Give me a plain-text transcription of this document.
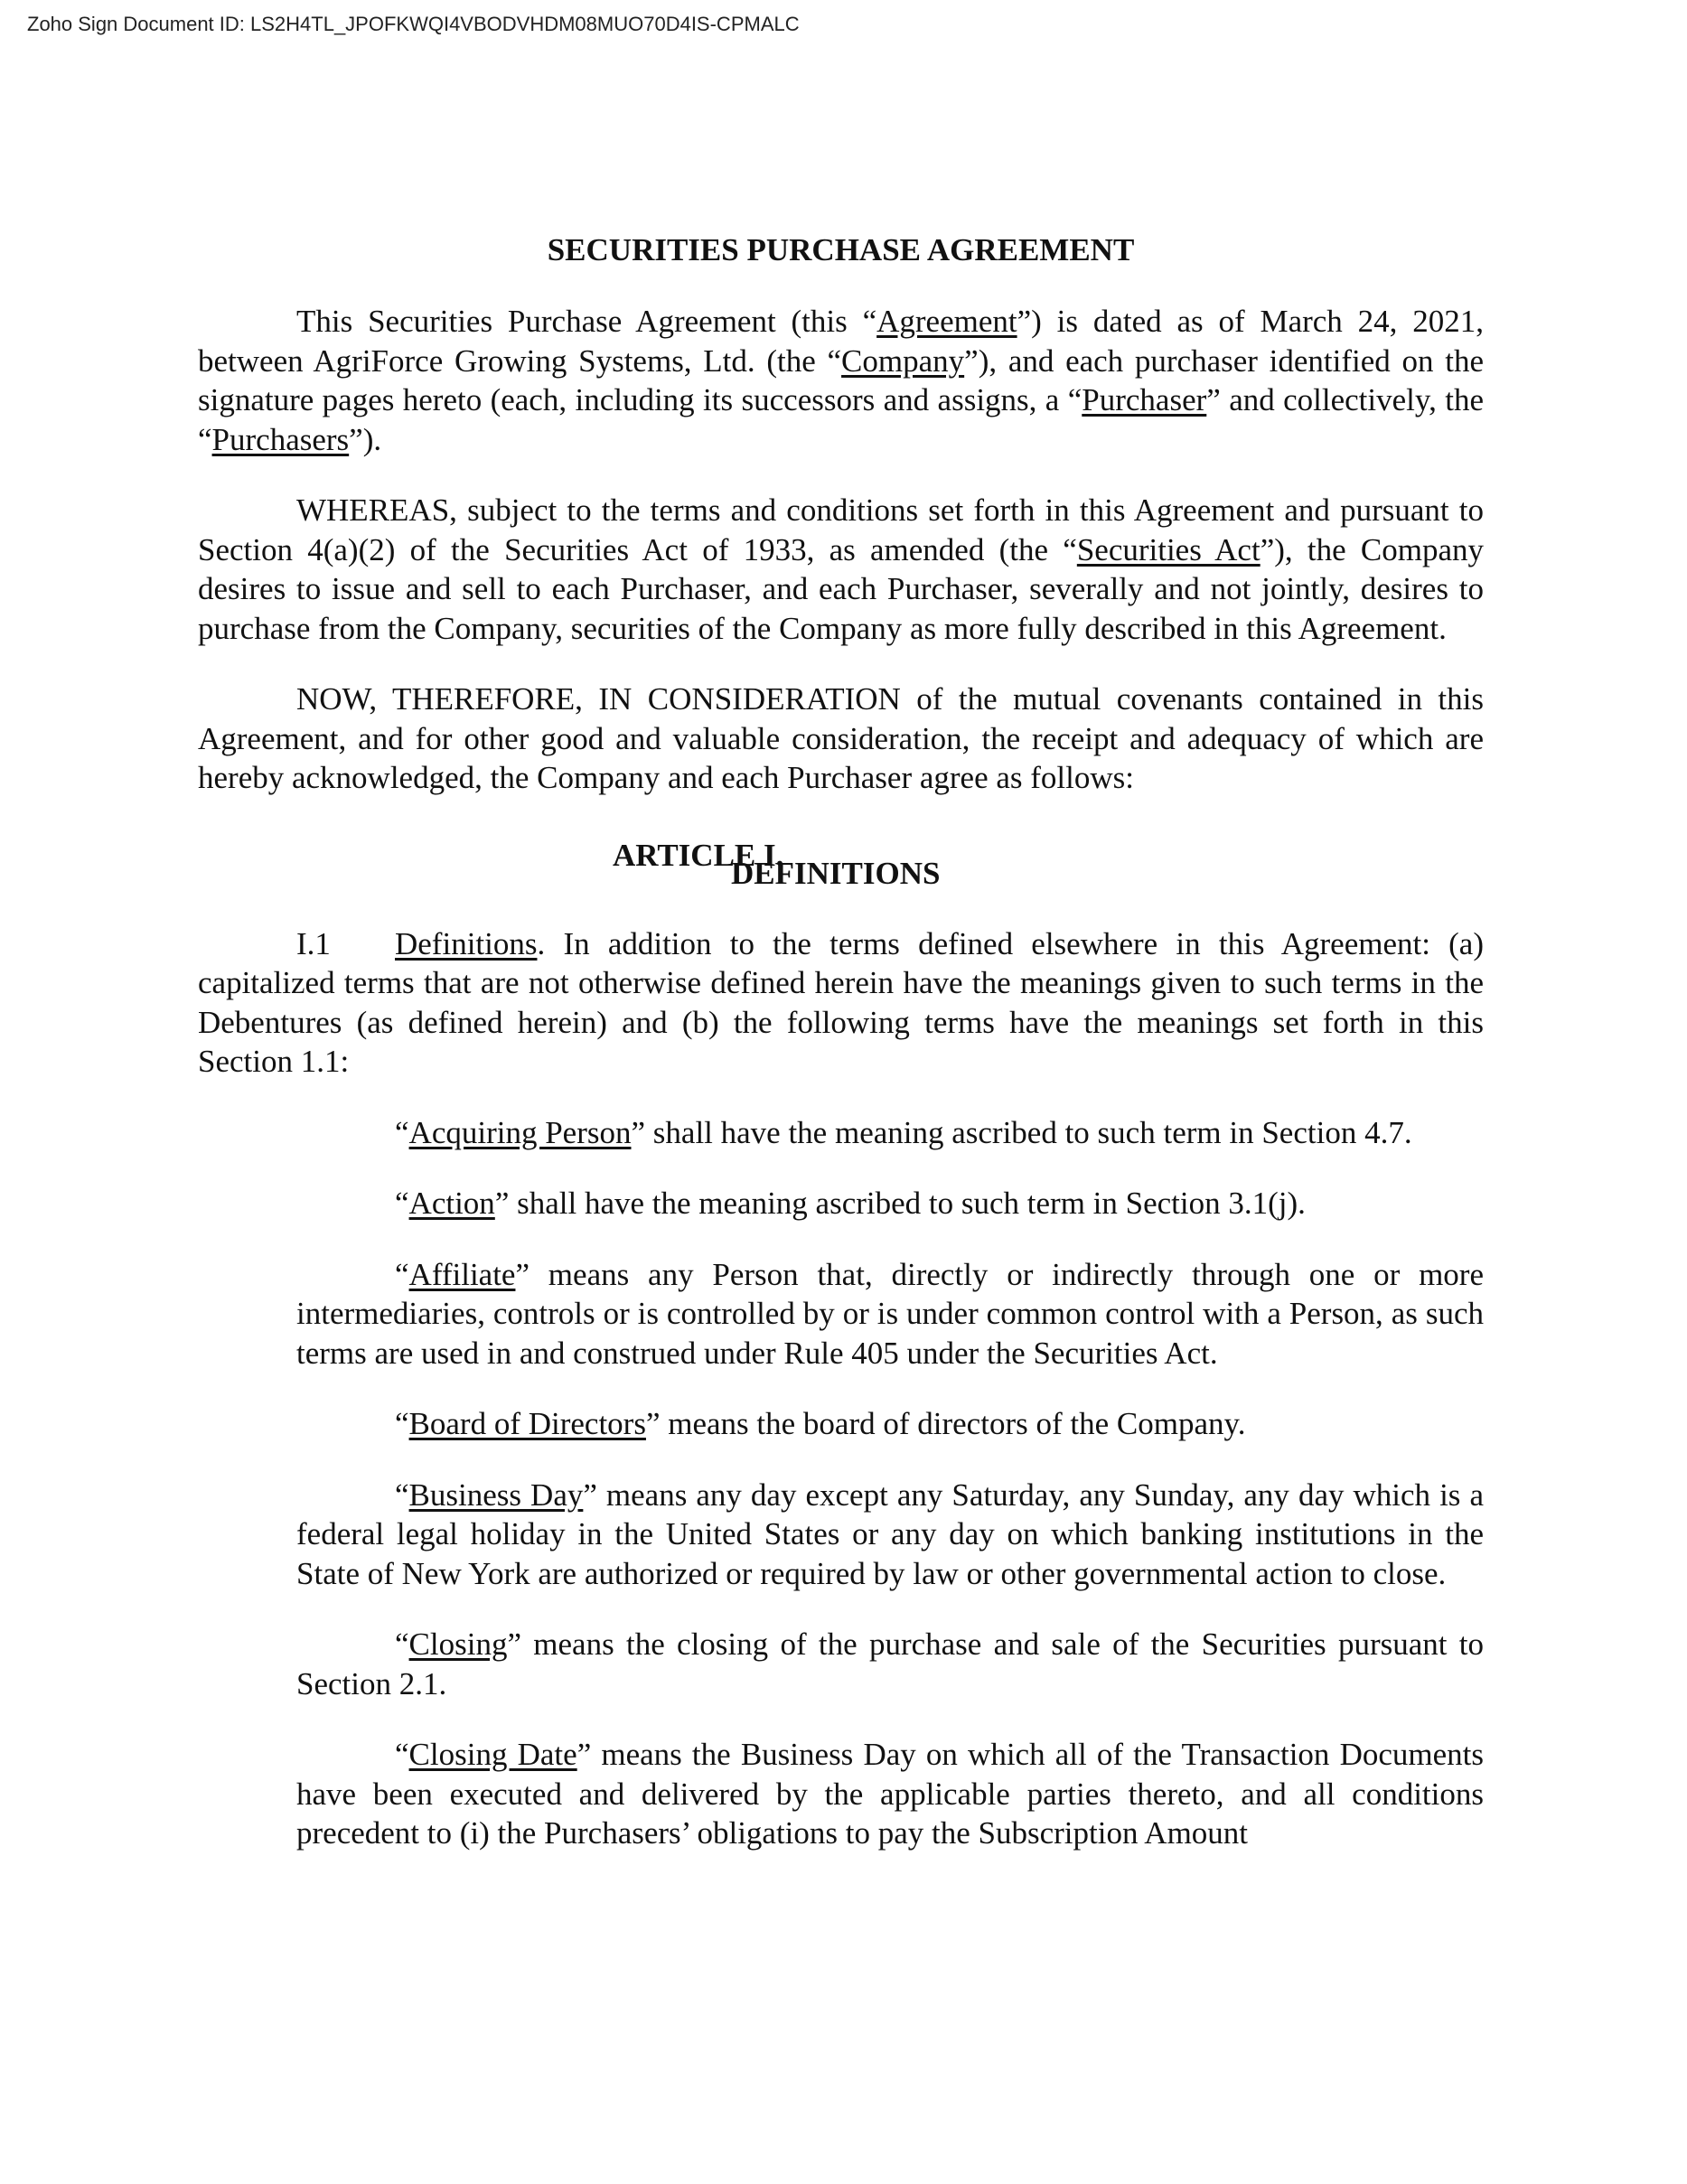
Zoho Sign Document ID: LS2H4TL_JPOFKWQI4VBODVHDM08MUO70D4IS-CPMALC
SECURITIES PURCHASE AGREEMENT

This Securities Purchase Agreement (this “Agreement”) is dated as of March 24, 2021, between AgriForce Growing Systems, Ltd. (the “Company”), and each purchaser identified on the signature pages hereto (each, including its successors and assigns, a “Purchaser” and collectively, the “Purchasers”).

WHEREAS, subject to the terms and conditions set forth in this Agreement and pursuant to Section 4(a)(2) of the Securities Act of 1933, as amended (the “Securities Act”), the Company desires to issue and sell to each Purchaser, and each Purchaser, severally and not jointly, desires to purchase from the Company, securities of the Company as more fully described in this Agreement.

NOW, THEREFORE, IN CONSIDERATION of the mutual covenants contained in this Agreement, and for other good and valuable consideration, the receipt and adequacy of which are hereby acknowledged, the Company and each Purchaser agree as follows:

ARTICLE I.
DEFINITIONS

I.1 Definitions. In addition to the terms defined elsewhere in this Agreement: (a) capitalized terms that are not otherwise defined herein have the meanings given to such terms in the Debentures (as defined herein) and (b) the following terms have the meanings set forth in this Section 1.1:

“Acquiring Person” shall have the meaning ascribed to such term in Section 4.7.

“Action” shall have the meaning ascribed to such term in Section 3.1(j).

“Affiliate” means any Person that, directly or indirectly through one or more intermediaries, controls or is controlled by or is under common control with a Person, as such terms are used in and construed under Rule 405 under the Securities Act.

“Board of Directors” means the board of directors of the Company.

“Business Day” means any day except any Saturday, any Sunday, any day which is a federal legal holiday in the United States or any day on which banking institutions in the State of New York are authorized or required by law or other governmental action to close.

“Closing” means the closing of the purchase and sale of the Securities pursuant to Section 2.1.

“Closing Date” means the Business Day on which all of the Transaction Documents have been executed and delivered by the applicable parties thereto, and all conditions precedent to (i) the Purchasers’ obligations to pay the Subscription Amount
